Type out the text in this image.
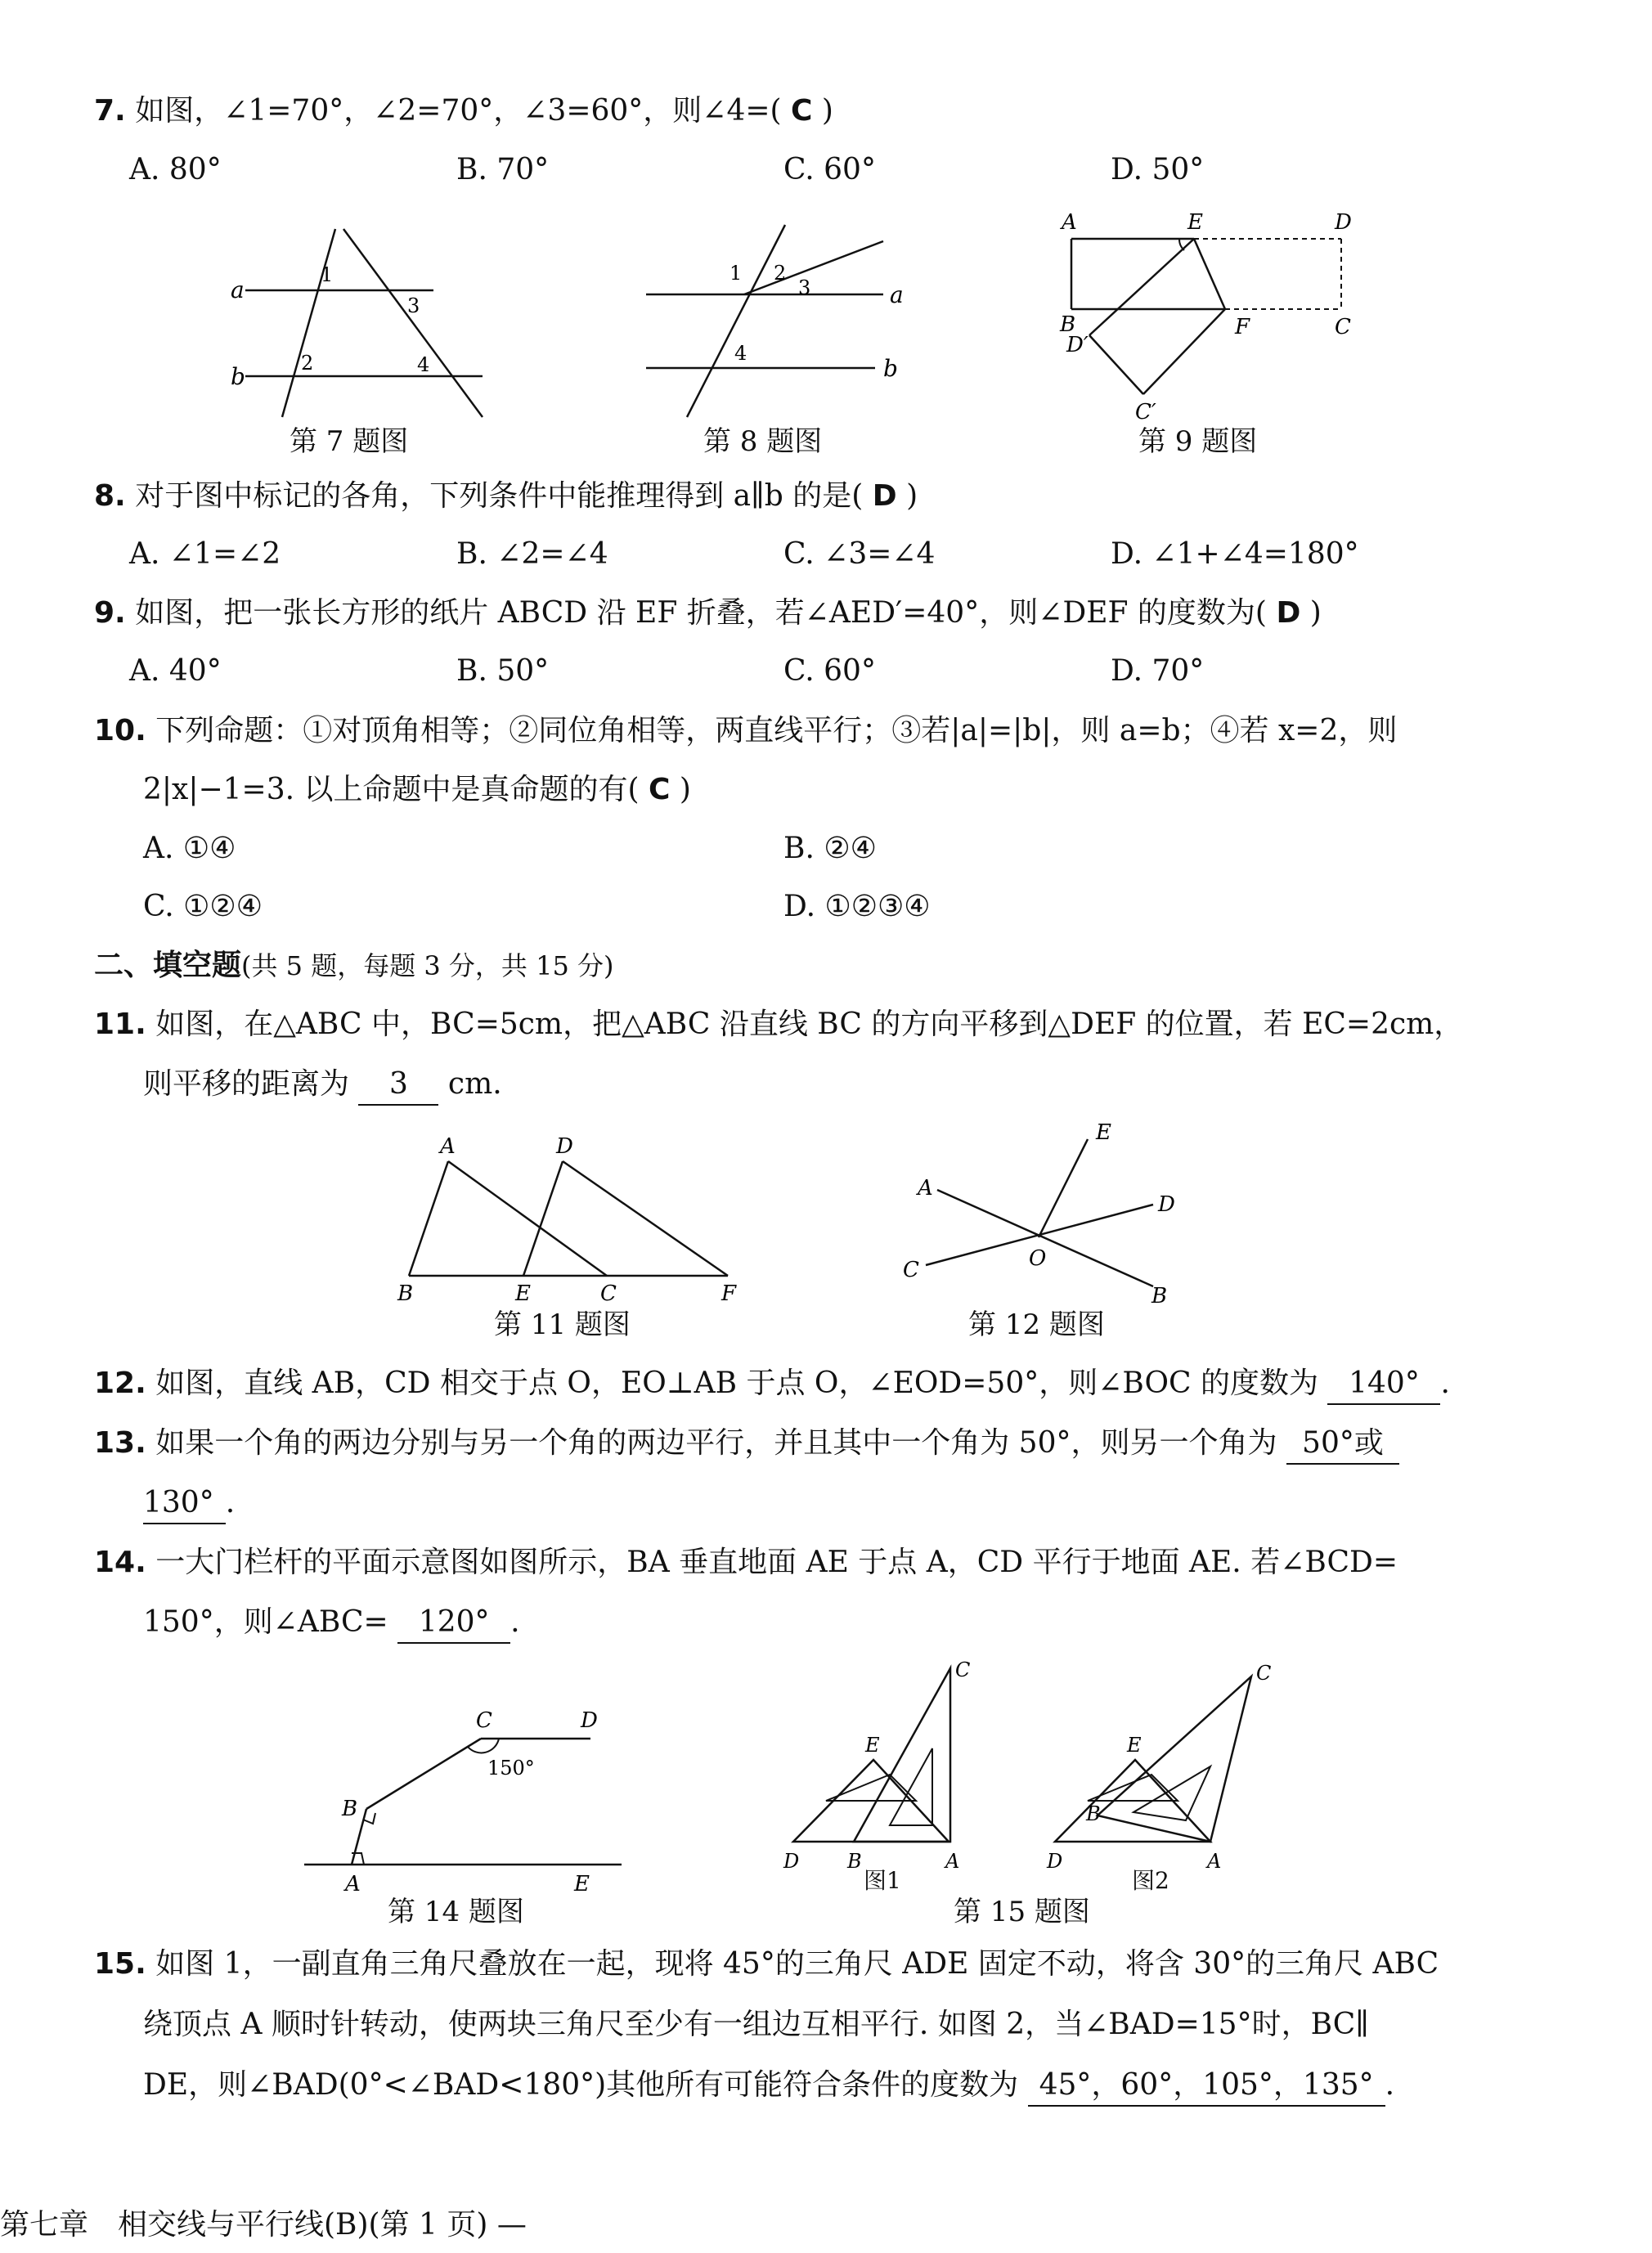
7. 如图，∠1=70°，∠2=70°，∠3=60°，则∠4=( C )
A. 80°	B. 70°	C. 60°	D. 50°
a
b
1
3
2	4
第 7 题图
a
b
1 2
3
4
第 8 题图
A	E	D
B	F	C
D′
C′
第 9 题图
8. 对于图中标记的各角，下列条件中能推理得到 a∥b 的是( D )
A. ∠1=∠2	B. ∠2=∠4	C. ∠3=∠4	D. ∠1+∠4=180°
9. 如图，把一张长方形的纸片 ABCD 沿 EF 折叠，若∠AED′=40°，则∠DEF 的度数为( D )
A. 40°	B. 50°	C. 60°	D. 70°
10. 下列命题：①对顶角相等；②同位角相等，两直线平行；③若|a|=|b|，则 a=b；④若 x=2，则
2|x|−1=3. 以上命题中是真命题的有( C )
A. ①④	B. ②④
C. ①②④	D. ①②③④
二、填空题(共 5 题，每题 3 分，共 15 分)
11. 如图，在△ABC 中，BC=5cm，把△ABC 沿直线 BC 的方向平移到△DEF 的位置，若 EC=2cm，
则平移的距离为 3 cm.
A	D
B	E	C	F
第 11 题图
E
A
D
O
C
B
第 12 题图
12. 如图，直线 AB，CD 相交于点 O，EO⊥AB 于点 O，∠EOD=50°，则∠BOC 的度数为 140° .
13. 如果一个角的两边分别与另一个角的两边平行，并且其中一个角为 50°，则另一个角为 50°或
130° .
14. 一大门栏杆的平面示意图如图所示，BA 垂直地面 AE 于点 A，CD 平行于地面 AE. 若∠BCD=
150°，则∠ABC= 120° .
C	D
150°
B
A	E
第 14 题图
C
E
D B	A
C
E
B
D	A
图1	图2
第 15 题图
15. 如图 1，一副直角三角尺叠放在一起，现将 45°的三角尺 ADE 固定不动，将含 30°的三角尺 ABC
绕顶点 A 顺时针转动，使两块三角尺至少有一组边互相平行. 如图 2，当∠BAD=15°时，BC∥
DE，则∠BAD(0°<∠BAD<180°)其他所有可能符合条件的度数为 45°，60°，105°，135° .
第七章　相交线与平行线(B)(第 1 页) —
